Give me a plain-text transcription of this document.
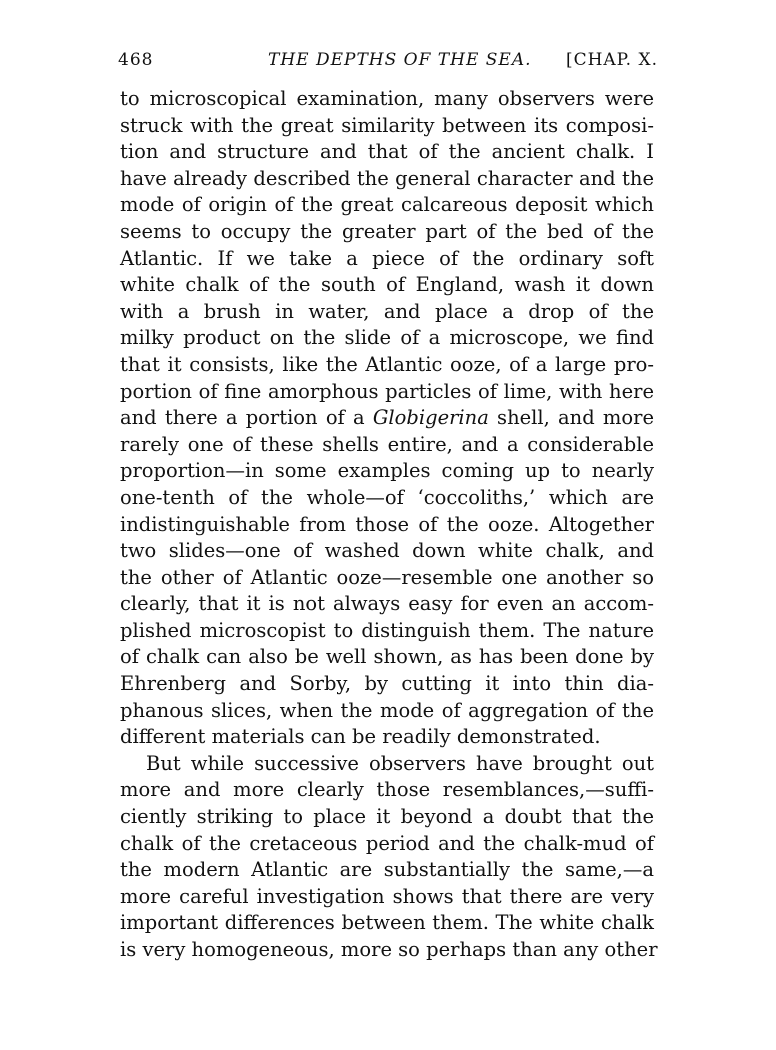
468	THE DEPTHS OF THE SEA. [CHAP. X.
to microscopical examination, many observers were
struck with the great similarity between its composi-
tion and structure and that of the ancient chalk. I
have already described the general character and the
mode of origin of the great calcareous deposit which
seems to occupy the greater part of the bed of the
Atlantic. If we take a piece of the ordinary soft
white chalk of the south of England, wash it down
with a brush in water, and place a drop of the
milky product on the slide of a microscope, we find
that it consists, like the Atlantic ooze, of a large pro-
portion of fine amorphous particles of lime, with here
and there a portion of a Globigerina shell, and more
rarely one of these shells entire, and a considerable
proportion—in some examples coming up to nearly
one-tenth of the whole—of ‘coccoliths,’ which are
indistinguishable from those of the ooze. Altogether
two slides—one of washed down white chalk, and
the other of Atlantic ooze—resemble one another so
clearly, that it is not always easy for even an accom-
plished microscopist to distinguish them. The nature
of chalk can also be well shown, as has been done by
Ehrenberg and Sorby, by cutting it into thin dia-
phanous slices, when the mode of aggregation of the
different materials can be readily demonstrated.
But while successive observers have brought out
more and more clearly those resemblances,—suffi-
ciently striking to place it beyond a doubt that the
chalk of the cretaceous period and the chalk-mud of
the modern Atlantic are substantially the same,—a
more careful investigation shows that there are very
important differences between them. The white chalk
is very homogeneous, more so perhaps than any other
